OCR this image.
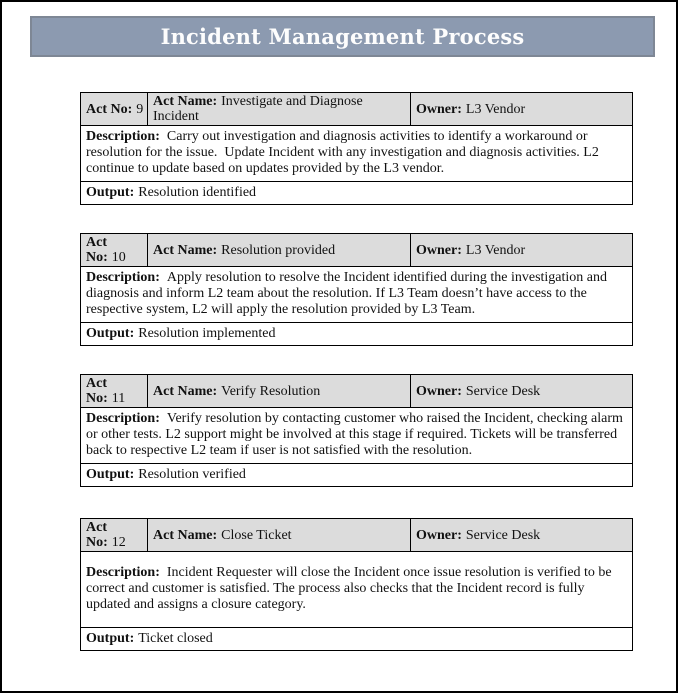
Incident Management Process
Act No: 9	Act Name: Investigate and Diagnose Incident	Owner: L3 Vendor
Description: Carry out investigation and diagnosis activities to identify a workaround or resolution for the issue.  Update Incident with any investigation and diagnosis activities. L2 continue to update based on updates provided by the L3 vendor.
Output: Resolution identified
Act No: 10	Act Name: Resolution provided	Owner: L3 Vendor
Description: Apply resolution to resolve the Incident identified during the investigation and diagnosis and inform L2 team about the resolution. If L3 Team doesn’t have access to the respective system, L2 will apply the resolution provided by L3 Team.
Output: Resolution implemented
Act No: 11	Act Name: Verify Resolution	Owner: Service Desk
Description: Verify resolution by contacting customer who raised the Incident, checking alarm or other tests. L2 support might be involved at this stage if required. Tickets will be transferred back to respective L2 team if user is not satisfied with the resolution.
Output: Resolution verified
Act No: 12	Act Name: Close Ticket	Owner: Service Desk
Description: Incident Requester will close the Incident once issue resolution is verified to be correct and customer is satisfied. The process also checks that the Incident record is fully updated and assigns a closure category.
Output: Ticket closed
